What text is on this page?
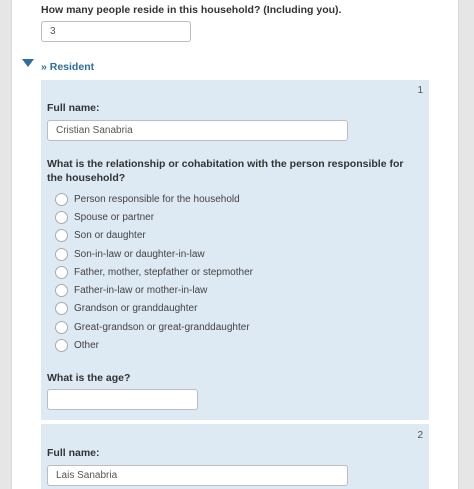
How many people reside in this household? (Including you).
3
» Resident
1
Full name:
Cristian Sanabria
What is the relationship or cohabitation with the person responsible for the household?
Person responsible for the household
Spouse or partner
Son or daughter
Son-in-law or daughter-in-law
Father, mother, stepfather or stepmother
Father-in-law or mother-in-law
Grandson or granddaughter
Great-grandson or great-granddaughter
Other
What is the age?
2
Full name:
Lais Sanabria
